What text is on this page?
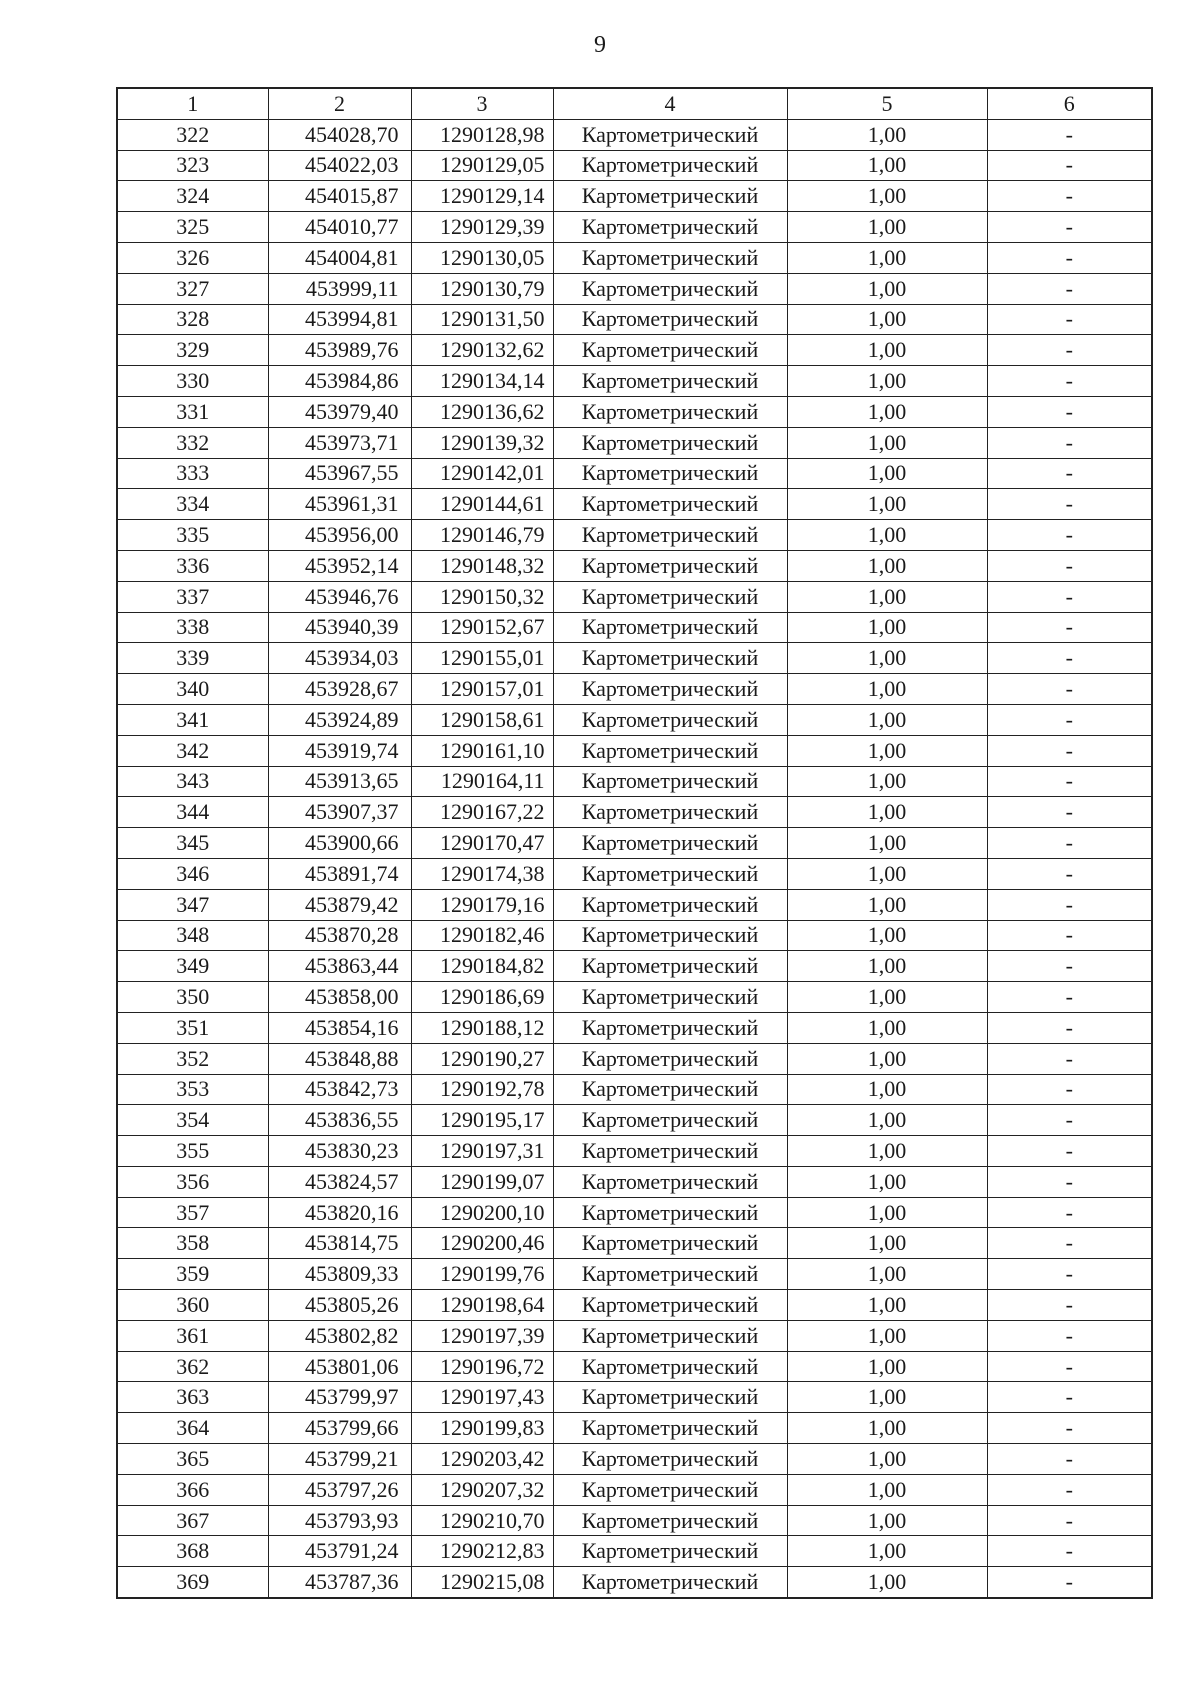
9
1	2	3	4	5	6
322	454028,70	1290128,98	Картометрический	1,00	-
323	454022,03	1290129,05	Картометрический	1,00	-
324	454015,87	1290129,14	Картометрический	1,00	-
325	454010,77	1290129,39	Картометрический	1,00	-
326	454004,81	1290130,05	Картометрический	1,00	-
327	453999,11	1290130,79	Картометрический	1,00	-
328	453994,81	1290131,50	Картометрический	1,00	-
329	453989,76	1290132,62	Картометрический	1,00	-
330	453984,86	1290134,14	Картометрический	1,00	-
331	453979,40	1290136,62	Картометрический	1,00	-
332	453973,71	1290139,32	Картометрический	1,00	-
333	453967,55	1290142,01	Картометрический	1,00	-
334	453961,31	1290144,61	Картометрический	1,00	-
335	453956,00	1290146,79	Картометрический	1,00	-
336	453952,14	1290148,32	Картометрический	1,00	-
337	453946,76	1290150,32	Картометрический	1,00	-
338	453940,39	1290152,67	Картометрический	1,00	-
339	453934,03	1290155,01	Картометрический	1,00	-
340	453928,67	1290157,01	Картометрический	1,00	-
341	453924,89	1290158,61	Картометрический	1,00	-
342	453919,74	1290161,10	Картометрический	1,00	-
343	453913,65	1290164,11	Картометрический	1,00	-
344	453907,37	1290167,22	Картометрический	1,00	-
345	453900,66	1290170,47	Картометрический	1,00	-
346	453891,74	1290174,38	Картометрический	1,00	-
347	453879,42	1290179,16	Картометрический	1,00	-
348	453870,28	1290182,46	Картометрический	1,00	-
349	453863,44	1290184,82	Картометрический	1,00	-
350	453858,00	1290186,69	Картометрический	1,00	-
351	453854,16	1290188,12	Картометрический	1,00	-
352	453848,88	1290190,27	Картометрический	1,00	-
353	453842,73	1290192,78	Картометрический	1,00	-
354	453836,55	1290195,17	Картометрический	1,00	-
355	453830,23	1290197,31	Картометрический	1,00	-
356	453824,57	1290199,07	Картометрический	1,00	-
357	453820,16	1290200,10	Картометрический	1,00	-
358	453814,75	1290200,46	Картометрический	1,00	-
359	453809,33	1290199,76	Картометрический	1,00	-
360	453805,26	1290198,64	Картометрический	1,00	-
361	453802,82	1290197,39	Картометрический	1,00	-
362	453801,06	1290196,72	Картометрический	1,00	-
363	453799,97	1290197,43	Картометрический	1,00	-
364	453799,66	1290199,83	Картометрический	1,00	-
365	453799,21	1290203,42	Картометрический	1,00	-
366	453797,26	1290207,32	Картометрический	1,00	-
367	453793,93	1290210,70	Картометрический	1,00	-
368	453791,24	1290212,83	Картометрический	1,00	-
369	453787,36	1290215,08	Картометрический	1,00	-
